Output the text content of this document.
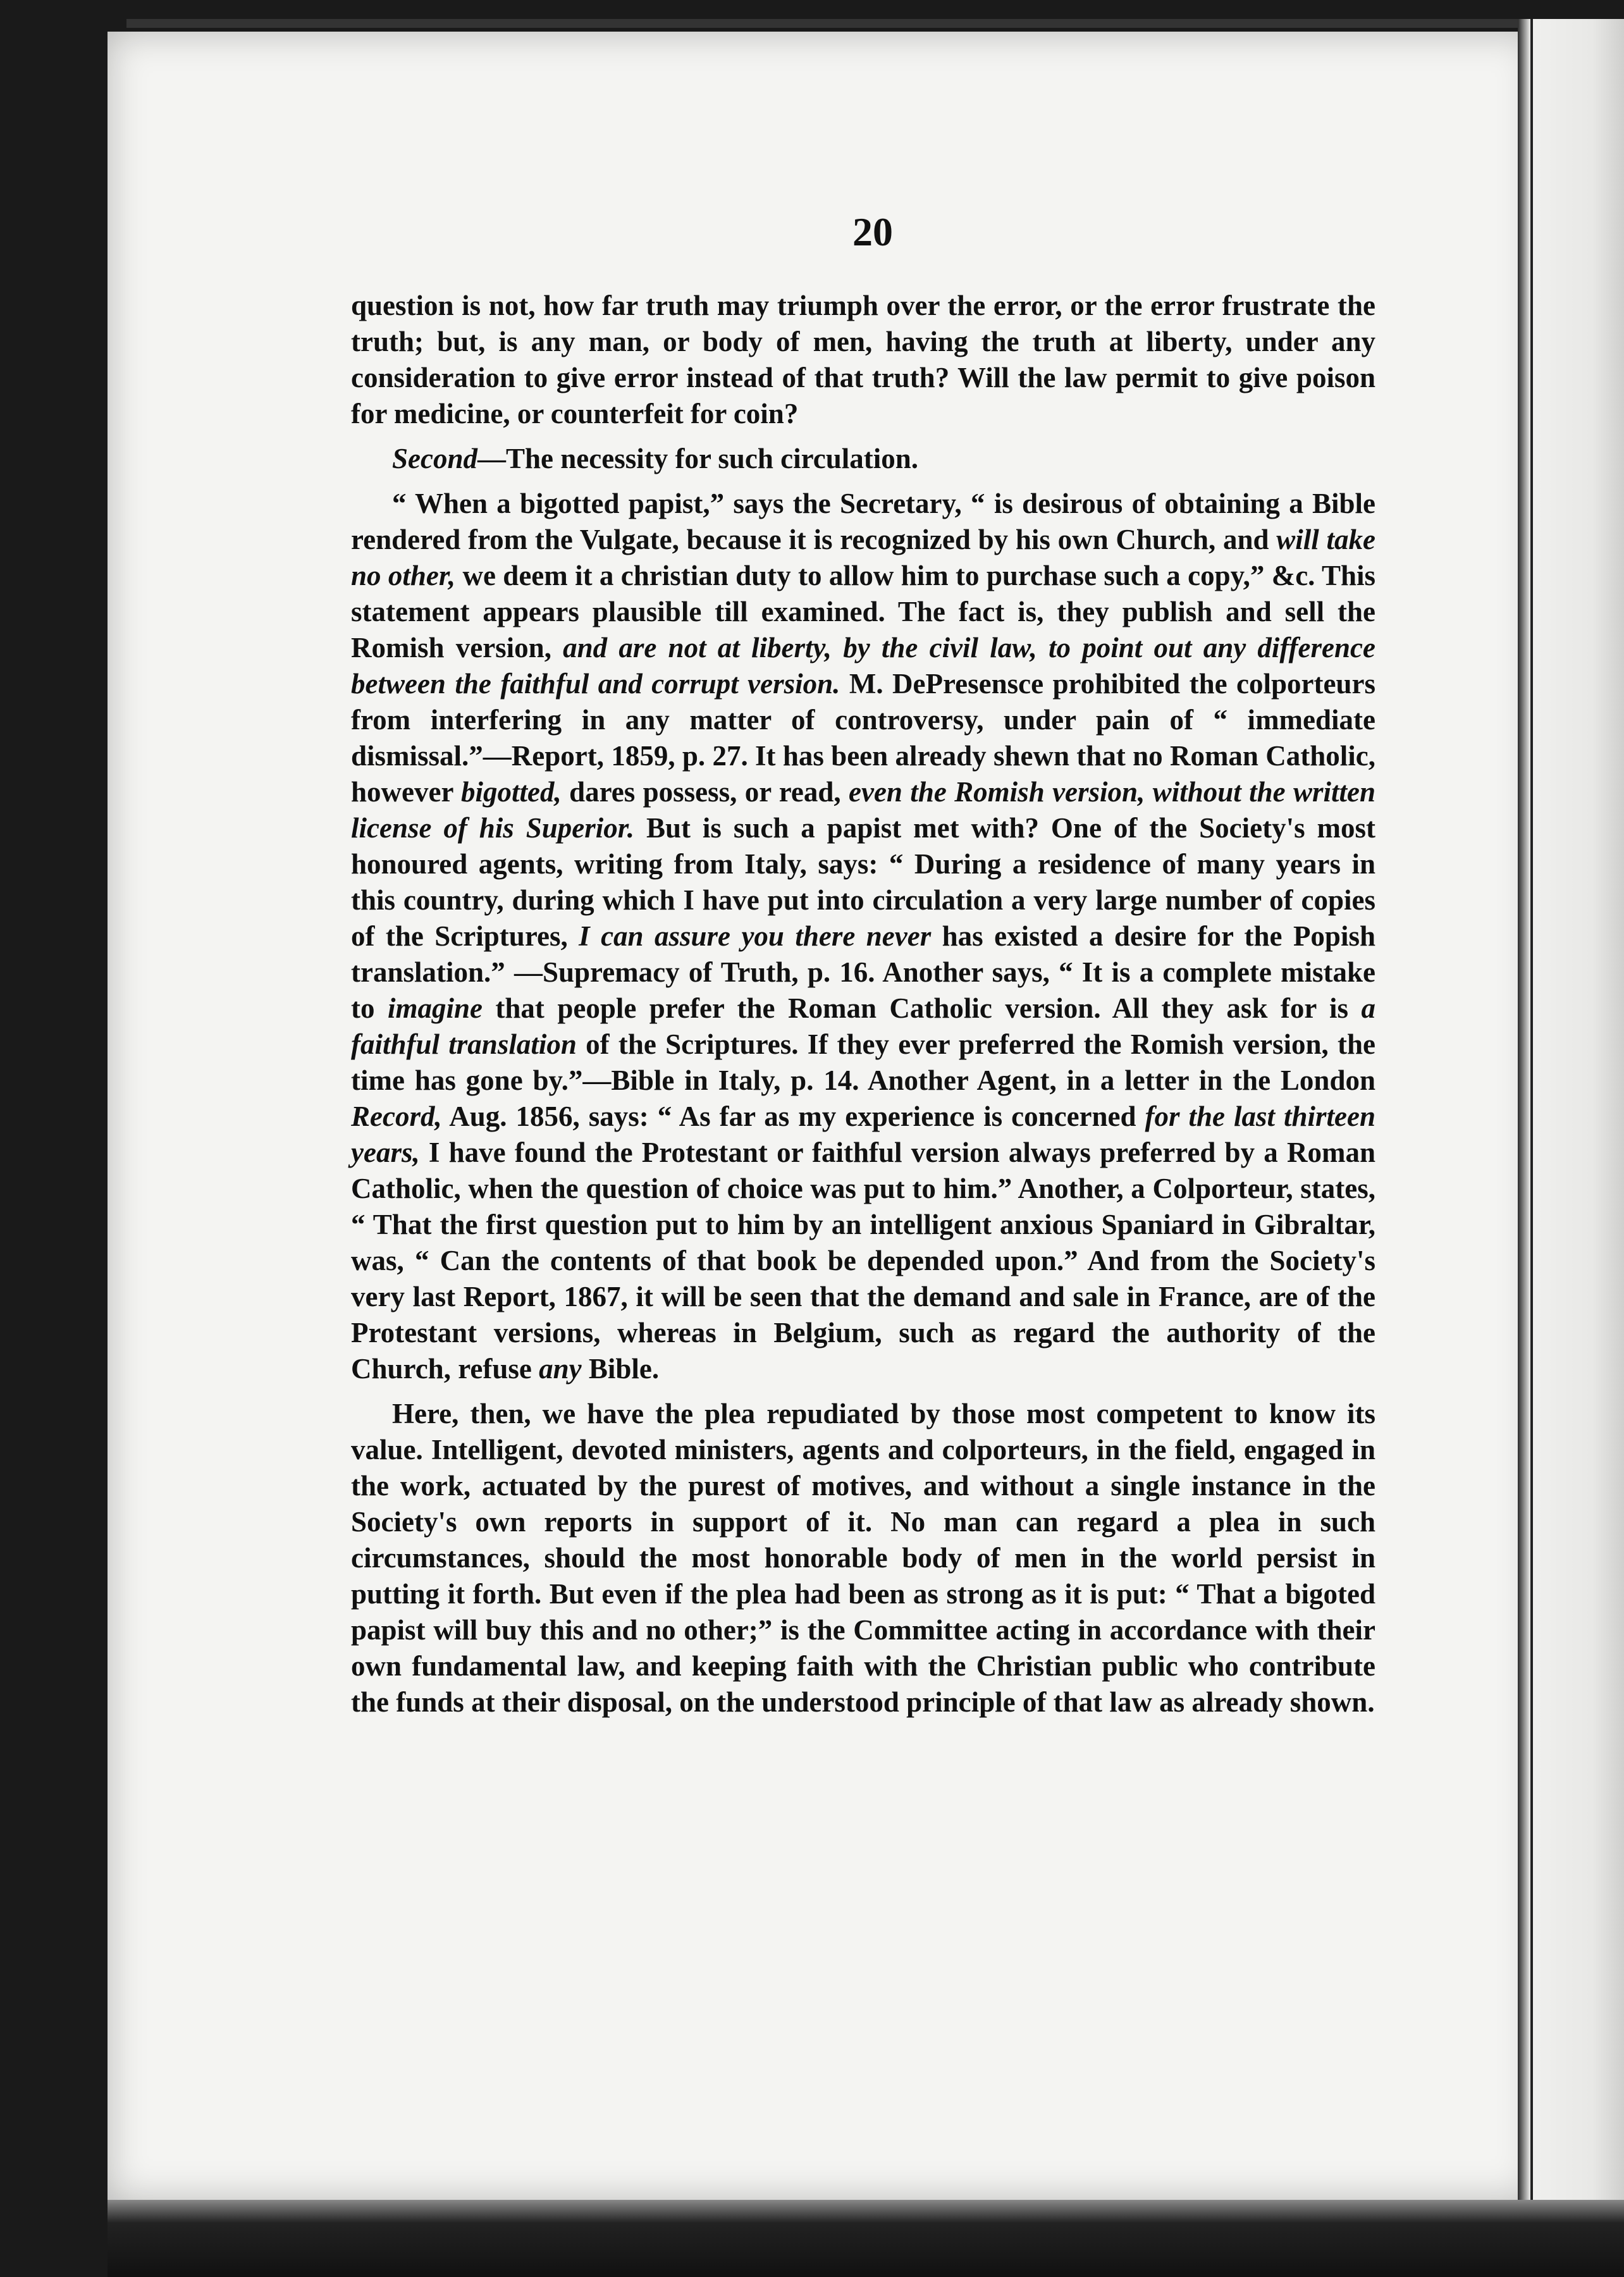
20

question is not, how far truth may triumph over the error, or the error frustrate the truth; but, is any man, or body of men, having the truth at liberty, under any consideration to give error instead of that truth? Will the law permit to give poison for medicine, or counterfeit for coin?

Second—The necessity for such circulation.

“ When a bigotted papist,” says the Secretary, “ is desirous of obtaining a Bible rendered from the Vulgate, because it is recognized by his own Church, and will take no other, we deem it a christian duty to allow him to purchase such a copy,” &c. This statement appears plausible till examined. The fact is, they publish and sell the Romish version, and are not at liberty, by the civil law, to point out any difference between the faithful and corrupt version. M. DePresensce prohibited the colporteurs from interfering in any matter of controversy, under pain of “ immediate dismissal.”—Report, 1859, p. 27. It has been already shewn that no Roman Catholic, however bigotted, dares possess, or read, even the Romish version, without the written license of his Superior. But is such a papist met with? One of the Society's most honoured agents, writing from Italy, says: “ During a residence of many years in this country, during which I have put into circulation a very large number of copies of the Scriptures, I can assure you there never has existed a desire for the Popish translation.” —Supremacy of Truth, p. 16. Another says, “ It is a complete mistake to imagine that people prefer the Roman Catholic version. All they ask for is a faithful translation of the Scriptures. If they ever preferred the Romish version, the time has gone by.”—Bible in Italy, p. 14. Another Agent, in a letter in the London Record, Aug. 1856, says: “ As far as my experience is concerned for the last thirteen years, I have found the Protestant or faithful version always preferred by a Roman Catholic, when the question of choice was put to him.” Another, a Colporteur, states, “ That the first question put to him by an intelligent anxious Spaniard in Gibraltar, was, “ Can the contents of that book be depended upon.” And from the Society's very last Report, 1867, it will be seen that the demand and sale in France, are of the Protestant versions, whereas in Belgium, such as regard the authority of the Church, refuse any Bible.

Here, then, we have the plea repudiated by those most competent to know its value. Intelligent, devoted ministers, agents and colporteurs, in the field, engaged in the work, actuated by the purest of motives, and without a single instance in the Society's own reports in support of it. No man can regard a plea in such circumstances, should the most honorable body of men in the world persist in putting it forth. But even if the plea had been as strong as it is put: “ That a bigoted papist will buy this and no other;” is the Committee acting in accordance with their own fundamental law, and keeping faith with the Christian public who contribute the funds at their disposal, on the understood principle of that law as already shown.
